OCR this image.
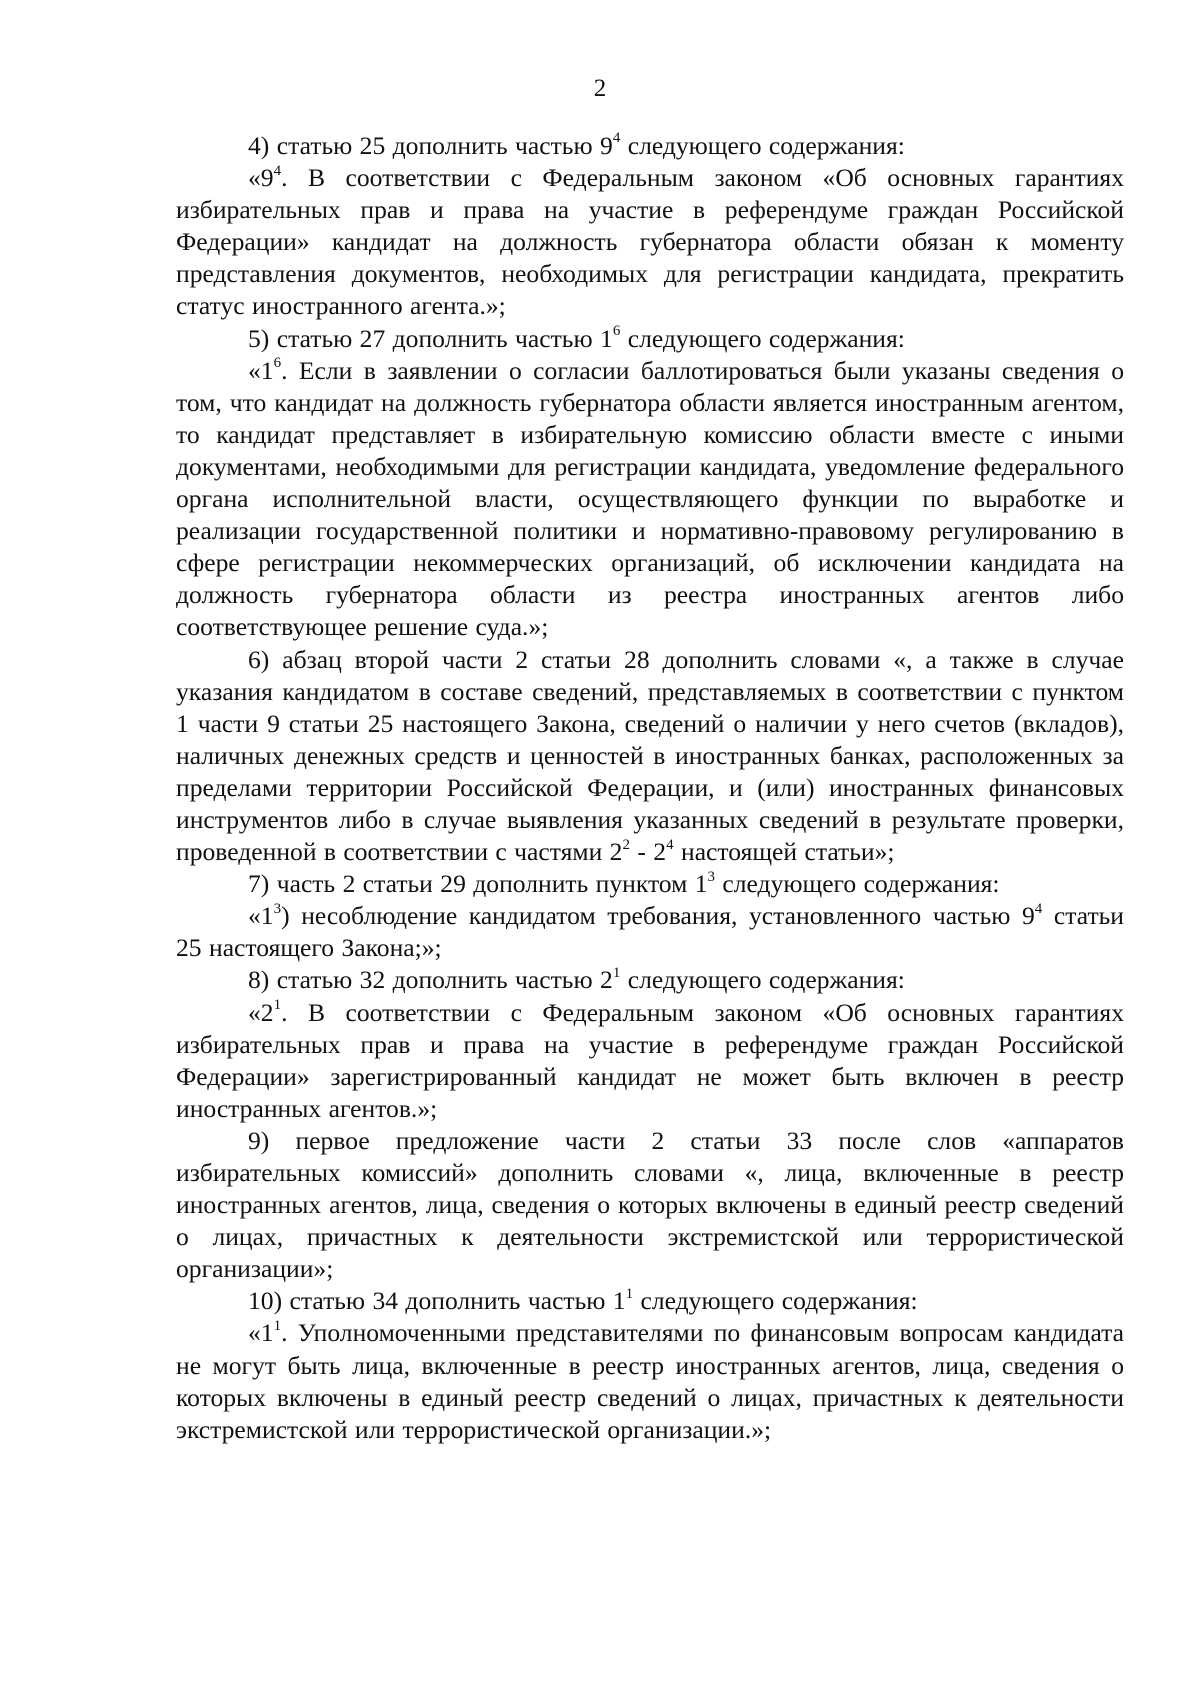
2

4) статью 25 дополнить частью $9^4$ следующего содержания:

«$9^4$. В соответствии с Федеральным законом «Об основных гарантиях избирательных прав и права на участие в референдуме граждан Российской Федерации» кандидат на должность губернатора области обязан к моменту представления документов, необходимых для регистрации кандидата, прекратить статус иностранного агента.»;

5) статью 27 дополнить частью $1^6$ следующего содержания:

«$1^6$. Если в заявлении о согласии баллотироваться были указаны сведения о том, что кандидат на должность губернатора области является иностранным агентом, то кандидат представляет в избирательную комиссию области вместе с иными документами, необходимыми для регистрации кандидата, уведомление федерального органа исполнительной власти, осуществляющего функции по выработке и реализации государственной политики и нормативно-правовому регулированию в сфере регистрации некоммерческих организаций, об исключении кандидата на должность губернатора области из реестра иностранных агентов либо соответствующее решение суда.»;

6) абзац второй части 2 статьи 28 дополнить словами «, а также в случае указания кандидатом в составе сведений, представляемых в соответствии с пунктом 1 части 9 статьи 25 настоящего Закона, сведений о наличии у него счетов (вкладов), наличных денежных средств и ценностей в иностранных банках, расположенных за пределами территории Российской Федерации, и (или) иностранных финансовых инструментов либо в случае выявления указанных сведений в результате проверки, проведенной в соответствии с частями $2^2 - 2^4$ настоящей статьи»;

7) часть 2 статьи 29 дополнить пунктом $1^3$ следующего содержания:

«$1^3$) несоблюдение кандидатом требования, установленного частью $9^4$ статьи 25 настоящего Закона;»;

8) статью 32 дополнить частью $2^1$ следующего содержания:

«$2^1$. В соответствии с Федеральным законом «Об основных гарантиях избирательных прав и права на участие в референдуме граждан Российской Федерации» зарегистрированный кандидат не может быть включен в реестр иностранных агентов.»;

9) первое предложение части 2 статьи 33 после слов «аппаратов избирательных комиссий» дополнить словами «, лица, включенные в реестр иностранных агентов, лица, сведения о которых включены в единый реестр сведений о лицах, причастных к деятельности экстремистской или террористической организации»;

10) статью 34 дополнить частью $1^1$ следующего содержания:

«$1^1$. Уполномоченными представителями по финансовым вопросам кандидата не могут быть лица, включенные в реестр иностранных агентов, лица, сведения о которых включены в единый реестр сведений о лицах, причастных к деятельности экстремистской или террористической организации.»;
